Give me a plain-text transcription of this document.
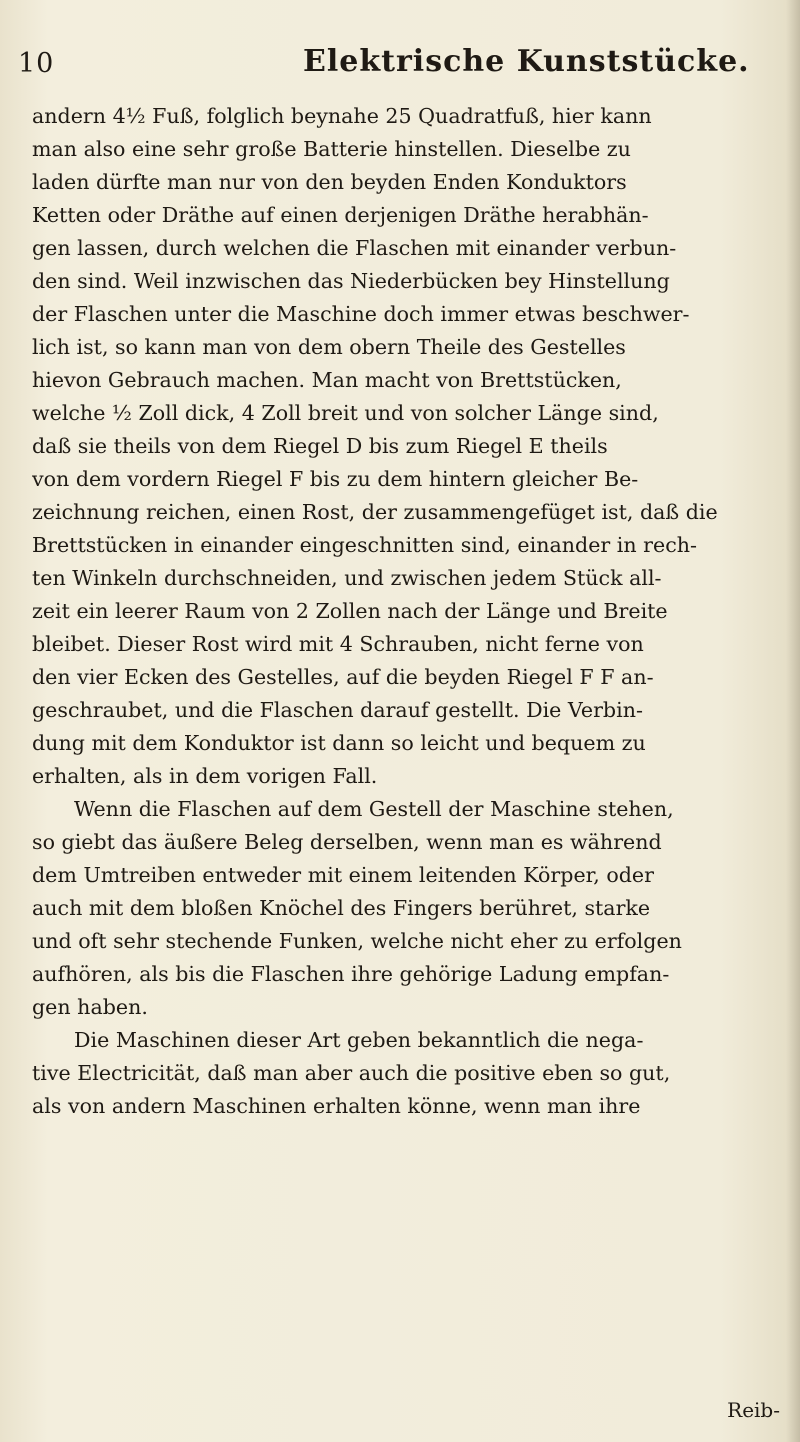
10	Elektrische Kunststücke.

andern 4½ Fuß, folglich beynahe 25 Quadratfuß, hier kann
man also eine sehr große Batterie hinstellen. Dieselbe zu
laden dürfte man nur von den beyden Enden Konduktors
Ketten oder Dräthe auf einen derjenigen Dräthe herabhän-
gen lassen, durch welchen die Flaschen mit einander verbun-
den sind. Weil inzwischen das Niederbücken bey Hinstellung
der Flaschen unter die Maschine doch immer etwas beschwer-
lich ist, so kann man von dem obern Theile des Gestelles
hievon Gebrauch machen. Man macht von Brettstücken,
welche ½ Zoll dick, 4 Zoll breit und von solcher Länge sind,
daß sie theils von dem Riegel D bis zum Riegel E theils
von dem vordern Riegel F bis zu dem hintern gleicher Be-
zeichnung reichen, einen Rost, der zusammengefüget ist, daß die
Brettstücken in einander eingeschnitten sind, einander in rech-
ten Winkeln durchschneiden, und zwischen jedem Stück all-
zeit ein leerer Raum von 2 Zollen nach der Länge und Breite
bleibet. Dieser Rost wird mit 4 Schrauben, nicht ferne von
den vier Ecken des Gestelles, auf die beyden Riegel F F an-
geschraubet, und die Flaschen darauf gestellt. Die Verbin-
dung mit dem Konduktor ist dann so leicht und bequem zu
erhalten, als in dem vorigen Fall.

Wenn die Flaschen auf dem Gestell der Maschine stehen,
so giebt das äußere Beleg derselben, wenn man es während
dem Umtreiben entweder mit einem leitenden Körper, oder
auch mit dem bloßen Knöchel des Fingers berühret, starke
und oft sehr stechende Funken, welche nicht eher zu erfolgen
aufhören, als bis die Flaschen ihre gehörige Ladung empfan-
gen haben.

Die Maschinen dieser Art geben bekanntlich die nega-
tive Electricität, daß man aber auch die positive eben so gut,
als von andern Maschinen erhalten könne, wenn man ihre

Reib-
